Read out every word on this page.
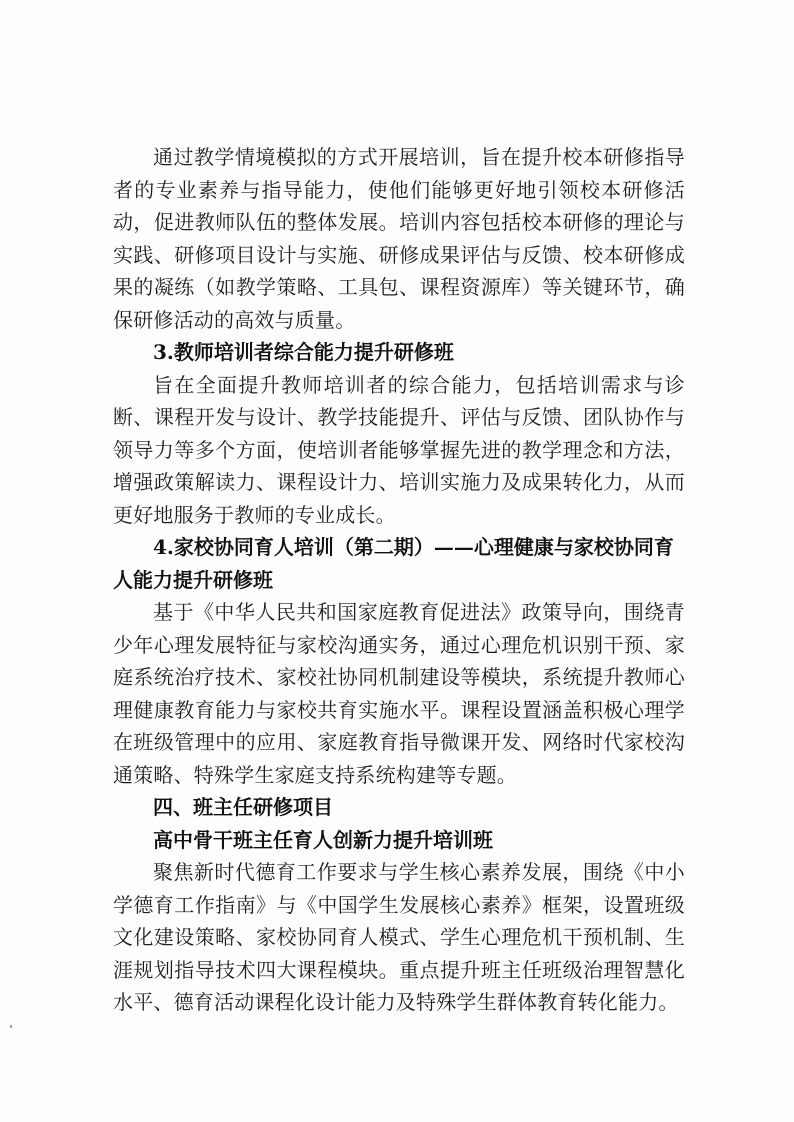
通过教学情境模拟的方式开展培训，旨在提升校本研修指导者的专业素养与指导能力，使他们能够更好地引领校本研修活动，促进教师队伍的整体发展。培训内容包括校本研修的理论与实践、研修项目设计与实施、研修成果评估与反馈、校本研修成果的凝练（如教学策略、工具包、课程资源库）等关键环节，确保研修活动的高效与质量。

3.教师培训者综合能力提升研修班

旨在全面提升教师培训者的综合能力，包括培训需求与诊断、课程开发与设计、教学技能提升、评估与反馈、团队协作与领导力等多个方面，使培训者能够掌握先进的教学理念和方法，增强政策解读力、课程设计力、培训实施力及成果转化力，从而更好地服务于教师的专业成长。

4.家校协同育人培训（第二期）——心理健康与家校协同育人能力提升研修班

基于《中华人民共和国家庭教育促进法》政策导向，围绕青少年心理发展特征与家校沟通实务，通过心理危机识别干预、家庭系统治疗技术、家校社协同机制建设等模块，系统提升教师心理健康教育能力与家校共育实施水平。课程设置涵盖积极心理学在班级管理中的应用、家庭教育指导微课开发、网络时代家校沟通策略、特殊学生家庭支持系统构建等专题。

四、班主任研修项目

高中骨干班主任育人创新力提升培训班

聚焦新时代德育工作要求与学生核心素养发展，围绕《中小学德育工作指南》与《中国学生发展核心素养》框架，设置班级文化建设策略、家校协同育人模式、学生心理危机干预机制、生涯规划指导技术四大课程模块。重点提升班主任班级治理智慧化水平、德育活动课程化设计能力及特殊学生群体教育转化能力。
